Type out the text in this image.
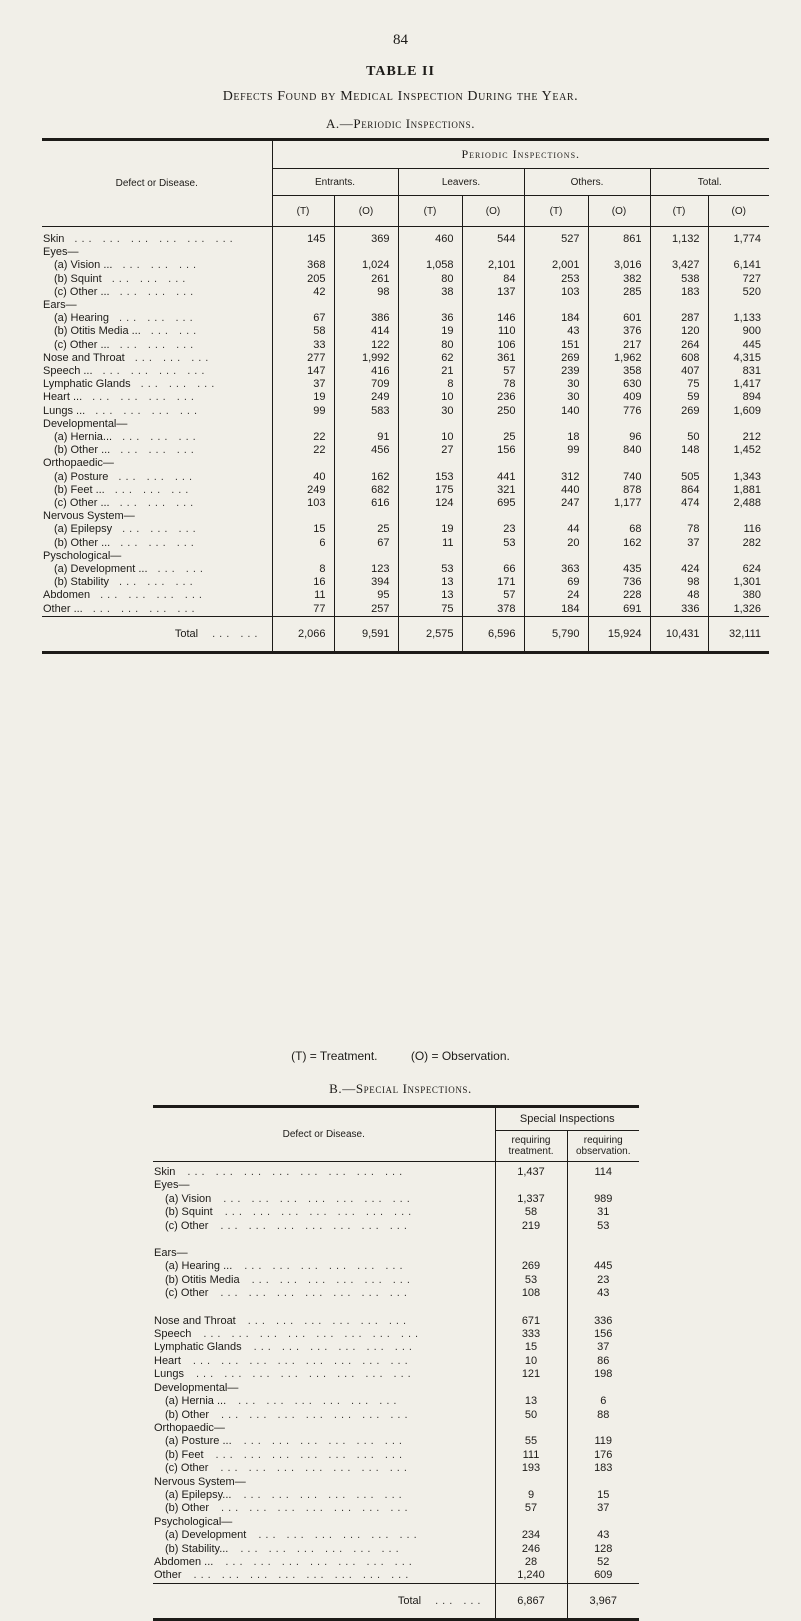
84
TABLE II
Defects Found by Medical Inspection During the Year.
A.—Periodic Inspections.
Defect or Disease.	Periodic Inspections.							
	Entrants.		Leavers.		Others.		Total.	
	(T)	(O)	(T)	(O)	(T)	(O)	(T)	(O)
Skin ... ... ... ... ... ...	145	369	460	544	527	861	1,132	1,774
Eyes—								
(a) Vision ... ... ... ...	368	1,024	1,058	2,101	2,001	3,016	3,427	6,141
(b) Squint ... ... ...	205	261	80	84	253	382	538	727
(c) Other ... ... ... ...	42	98	38	137	103	285	183	520
Ears—								
(a) Hearing ... ... ...	67	386	36	146	184	601	287	1,133
(b) Otitis Media ... ... ...	58	414	19	110	43	376	120	900
(c) Other ... ... ... ...	33	122	80	106	151	217	264	445
Nose and Throat ... ... ...	277	1,992	62	361	269	1,962	608	4,315
Speech ... ... ... ... ...	147	416	21	57	239	358	407	831
Lymphatic Glands ... ... ...	37	709	8	78	30	630	75	1,417
Heart ... ... ... ... ...	19	249	10	236	30	409	59	894
Lungs ... ... ... ... ...	99	583	30	250	140	776	269	1,609
Developmental—								
(a) Hernia... ... ... ...	22	91	10	25	18	96	50	212
(b) Other ... ... ... ...	22	456	27	156	99	840	148	1,452
Orthopaedic—								
(a) Posture ... ... ...	40	162	153	441	312	740	505	1,343
(b) Feet ... ... ... ...	249	682	175	321	440	878	864	1,881
(c) Other ... ... ... ...	103	616	124	695	247	1,177	474	2,488
Nervous System—								
(a) Epilepsy ... ... ...	15	25	19	23	44	68	78	116
(b) Other ... ... ... ...	6	67	11	53	20	162	37	282
Pyschological—								
(a) Development ... ... ...	8	123	53	66	363	435	424	624
(b) Stability ... ... ...	16	394	13	171	69	736	98	1,301
Abdomen ... ... ... ...	11	95	13	57	24	228	48	380
Other ... ... ... ... ...	77	257	75	378	184	691	336	1,326
Total ... ...	2,066	9,591	2,575	6,596	5,790	15,924	10,431	32,111
(T) = Treatment.          (O) = Observation.
B.—Special Inspections.
Defect or Disease.	Special Inspections	
	requiring treatment.	requiring observation.
Skin ... ... ... ... ... ... ... ...	1,437	114
Eyes—		
(a) Vision ... ... ... ... ... ... ...	1,337	989
(b) Squint ... ... ... ... ... ... ...	58	31
(c) Other ... ... ... ... ... ... ...	219	53

Ears—		
(a) Hearing ... ... ... ... ... ... ...	269	445
(b) Otitis Media ... ... ... ... ... ...	53	23
(c) Other ... ... ... ... ... ... ...	108	43

Nose and Throat ... ... ... ... ... ...	671	336
Speech ... ... ... ... ... ... ... ...	333	156
Lymphatic Glands ... ... ... ... ... ...	15	37
Heart ... ... ... ... ... ... ... ...	10	86
Lungs ... ... ... ... ... ... ... ...	121	198
Developmental—		
(a) Hernia ... ... ... ... ... ... ...	13	6
(b) Other ... ... ... ... ... ... ...	50	88
Orthopaedic—		
(a) Posture ... ... ... ... ... ... ...	55	119
(b) Feet ... ... ... ... ... ... ...	111	176
(c) Other ... ... ... ... ... ... ...	193	183
Nervous System—		
(a) Epilepsy... ... ... ... ... ... ...	9	15
(b) Other ... ... ... ... ... ... ...	57	37
Psychological—		
(a) Development ... ... ... ... ... ...	234	43
(b) Stability... ... ... ... ... ... ...	246	128
Abdomen ... ... ... ... ... ... ... ...	28	52
Other ... ... ... ... ... ... ... ...	1,240	609
Total ... ...	6,867	3,967
